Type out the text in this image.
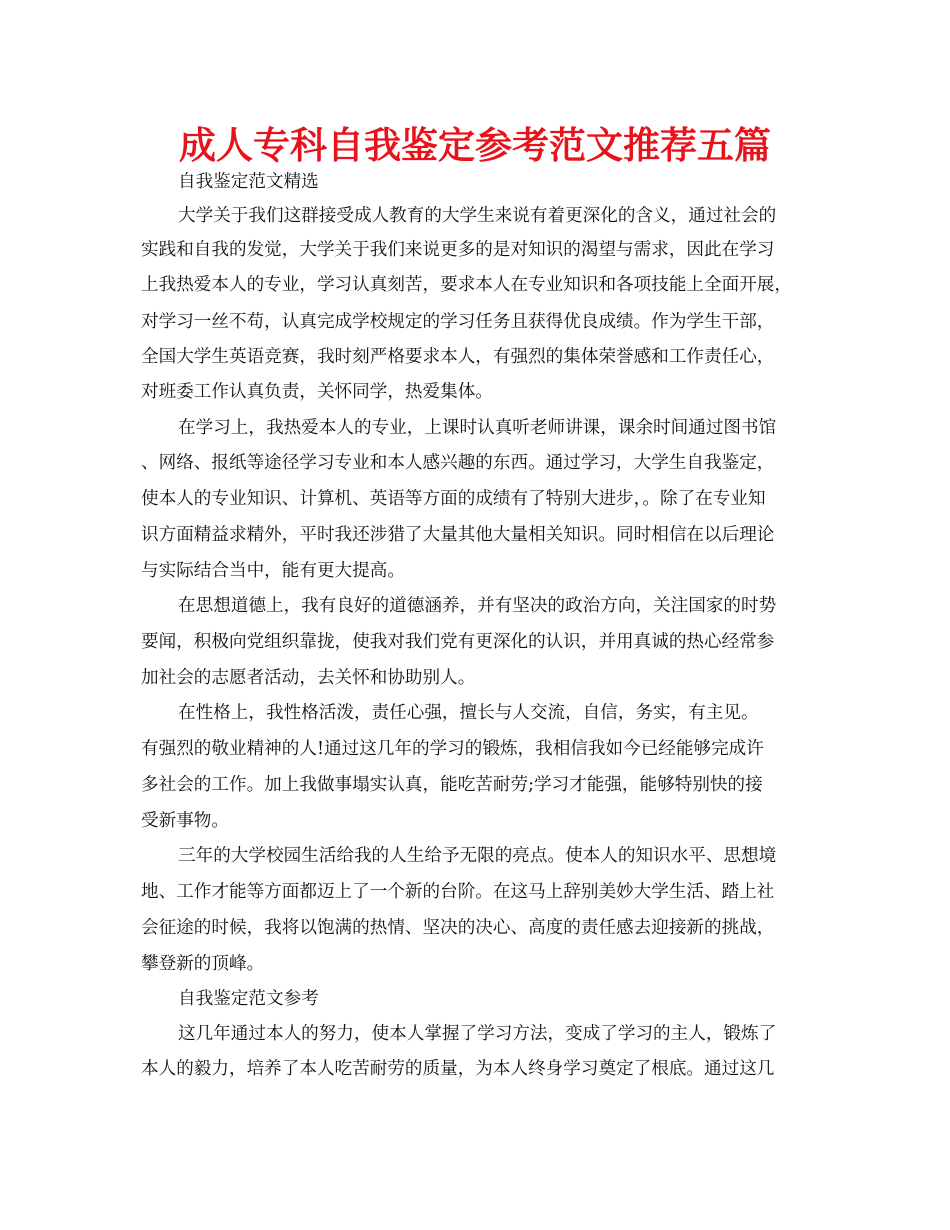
成人专科自我鉴定参考范文推荐五篇

自我鉴定范文精选

大学关于我们这群接受成人教育的大学生来说有着更深化的含义，通过社会的

实践和自我的发觉，大学关于我们来说更多的是对知识的渴望与需求，因此在学习

上我热爱本人的专业，学习认真刻苦，要求本人在专业知识和各项技能上全面开展，

对学习一丝不苟，认真完成学校规定的学习任务且获得优良成绩。作为学生干部，

全国大学生英语竞赛，我时刻严格要求本人，有强烈的集体荣誉感和工作责任心，

对班委工作认真负责，关怀同学，热爱集体。

在学习上，我热爱本人的专业，上课时认真听老师讲课，课余时间通过图书馆

、网络、报纸等途径学习专业和本人感兴趣的东西。通过学习，大学生自我鉴定，

使本人的专业知识、计算机、英语等方面的成绩有了特别大进步，。除了在专业知

识方面精益求精外，平时我还涉猎了大量其他大量相关知识。同时相信在以后理论

与实际结合当中，能有更大提高。

在思想道德上，我有良好的道德涵养，并有坚决的政治方向，关注国家的时势

要闻，积极向党组织靠拢，使我对我们党有更深化的认识，并用真诚的热心经常参

加社会的志愿者活动，去关怀和协助别人。

在性格上，我性格活泼，责任心强，擅长与人交流，自信，务实，有主见。

有强烈的敬业精神的人!通过这几年的学习的锻炼，我相信我如今已经能够完成许

多社会的工作。加上我做事塌实认真，能吃苦耐劳;学习才能强，能够特别快的接

受新事物。

三年的大学校园生活给我的人生给予无限的亮点。使本人的知识水平、思想境

地、工作才能等方面都迈上了一个新的台阶。在这马上辞别美妙大学生活、踏上社

会征途的时候，我将以饱满的热情、坚决的决心、高度的责任感去迎接新的挑战，

攀登新的顶峰。

自我鉴定范文参考

这几年通过本人的努力，使本人掌握了学习方法，变成了学习的主人，锻炼了

本人的毅力，培养了本人吃苦耐劳的质量，为本人终身学习奠定了根底。通过这几
